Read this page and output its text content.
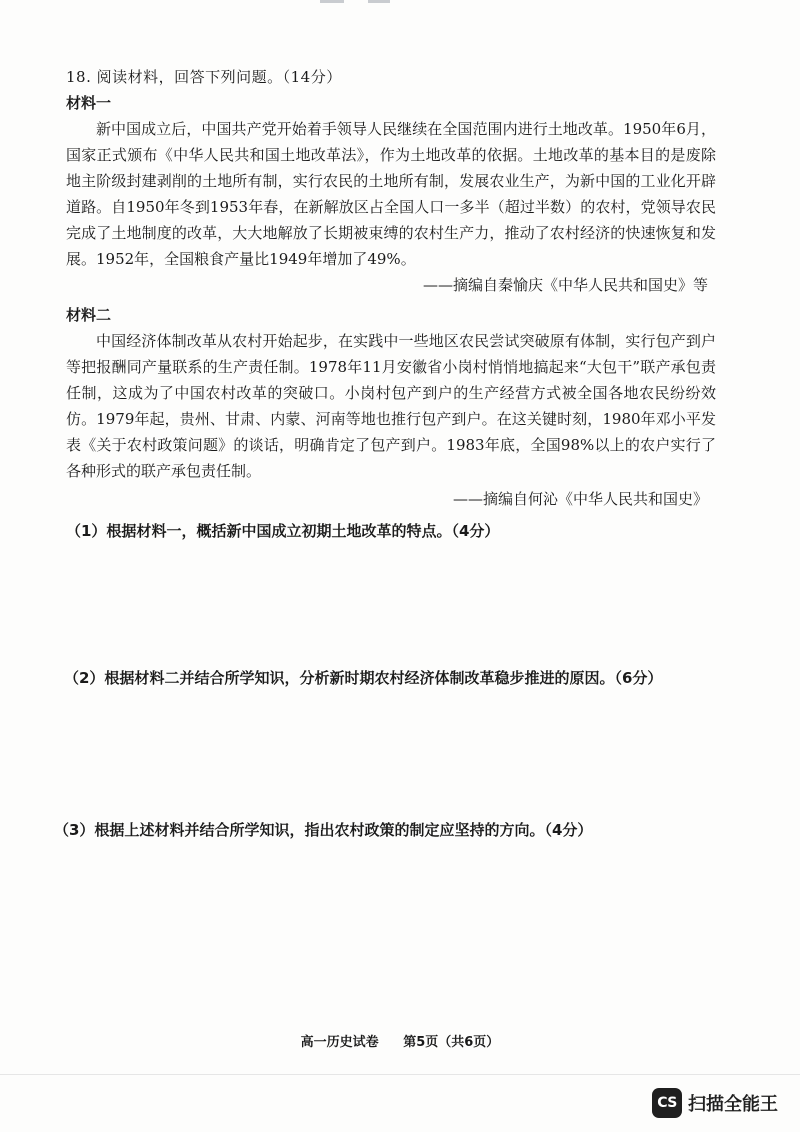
18. 阅读材料，回答下列问题。（14分）
材料一
新中国成立后，中国共产党开始着手领导人民继续在全国范围内进行土地改革。1950年6月，国家正式颁布《中华人民共和国土地改革法》，作为土地改革的依据。土地改革的基本目的是废除地主阶级封建剥削的土地所有制，实行农民的土地所有制，发展农业生产，为新中国的工业化开辟道路。自1950年冬到1953年春，在新解放区占全国人口一多半（超过半数）的农村，党领导农民完成了土地制度的改革，大大地解放了长期被束缚的农村生产力，推动了农村经济的快速恢复和发展。1952年，全国粮食产量比1949年增加了49%。
——摘编自秦愉庆《中华人民共和国史》等
材料二
中国经济体制改革从农村开始起步，在实践中一些地区农民尝试突破原有体制，实行包产到户等把报酬同产量联系的生产责任制。1978年11月安徽省小岗村悄悄地搞起来“大包干”联产承包责任制，这成为了中国农村改革的突破口。小岗村包产到户的生产经营方式被全国各地农民纷纷效仿。1979年起，贵州、甘肃、内蒙、河南等地也推行包产到户。在这关键时刻，1980年邓小平发表《关于农村政策问题》的谈话，明确肯定了包产到户。1983年底，全国98%以上的农户实行了各种形式的联产承包责任制。
——摘编自何沁《中华人民共和国史》
（1）根据材料一，概括新中国成立初期土地改革的特点。（4分）
（2）根据材料二并结合所学知识，分析新时期农村经济体制改革稳步推进的原因。（6分）
（3）根据上述材料并结合所学知识，指出农村政策的制定应坚持的方向。（4分）
高一历史试卷 第5页（共6页）
CS 扫描全能王
